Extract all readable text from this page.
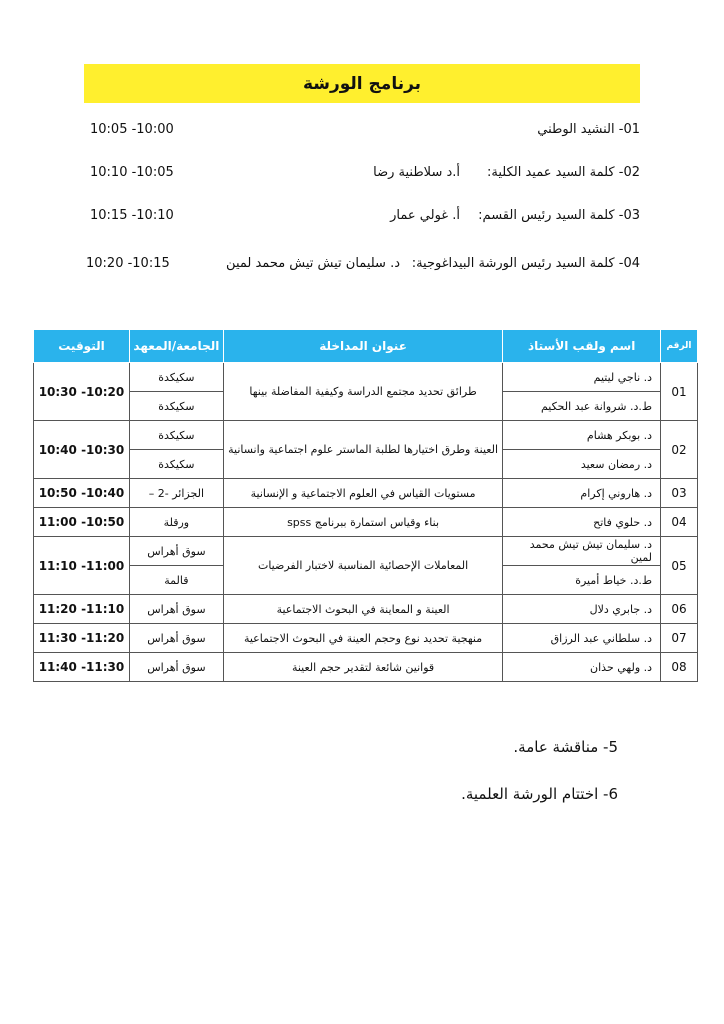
برنامج الورشة
01- النشيد الوطني
10:05 -10:00
02- كلمة السيد عميد الكلية:
أ.د سلاطنية رضا
10:10 -10:05
03- كلمة السيد رئيس القسم:
أ. غولي عمار
10:15 -10:10
04- كلمة السيد رئيس الورشة البيداغوجية:
د. سليمان تيش تيش محمد لمين
10:20 -10:15
الرقم	اسم ولقب الأستاذ	عنوان المداخلة	الجامعة/المعهد	التوقيت
01	د. ناجي ليتيم	طرائق تحديد مجتمع الدراسة وكيفية المفاضلة بينها	سكيكدة	10:30 -10:20
	ط.د. شروانة عبد الحكيم		سكيكدة	
02	د. بوبكر هشام	العينة وطرق اختيارها لطلبة الماستر علوم اجتماعية وانسانية	سكيكدة	10:40 -10:30
	د. رمضان سعيد		سكيكدة	
03	د. هاروني إكرام	مستويات القياس في العلوم الاجتماعية و الإنسانية	الجزائر -2 –	10:50 -10:40
04	د. حلوي فاتح	بناء وقياس استمارة ببرنامج spss	ورقلة	11:00 -10:50
05	د. سليمان تيش تيش محمد لمين	المعاملات الإحصائية المناسبة لاختبار الفرضيات	سوق أهراس	11:10 -11:00
	ط.د. خياط أميرة		قالمة	
06	د. جابري دلال	العينة و المعاينة في البحوث الاجتماعية	سوق أهراس	11:20 -11:10
07	د. سلطاني عبد الرزاق	منهجية تحديد نوع وحجم العينة في البحوث الاجتماعية	سوق أهراس	11:30 -11:20
08	د. ولهي حذان	قوانين شائعة لتقدير حجم العينة	سوق أهراس	11:40 -11:30
5- مناقشة عامة.
6- اختتام الورشة العلمية.
